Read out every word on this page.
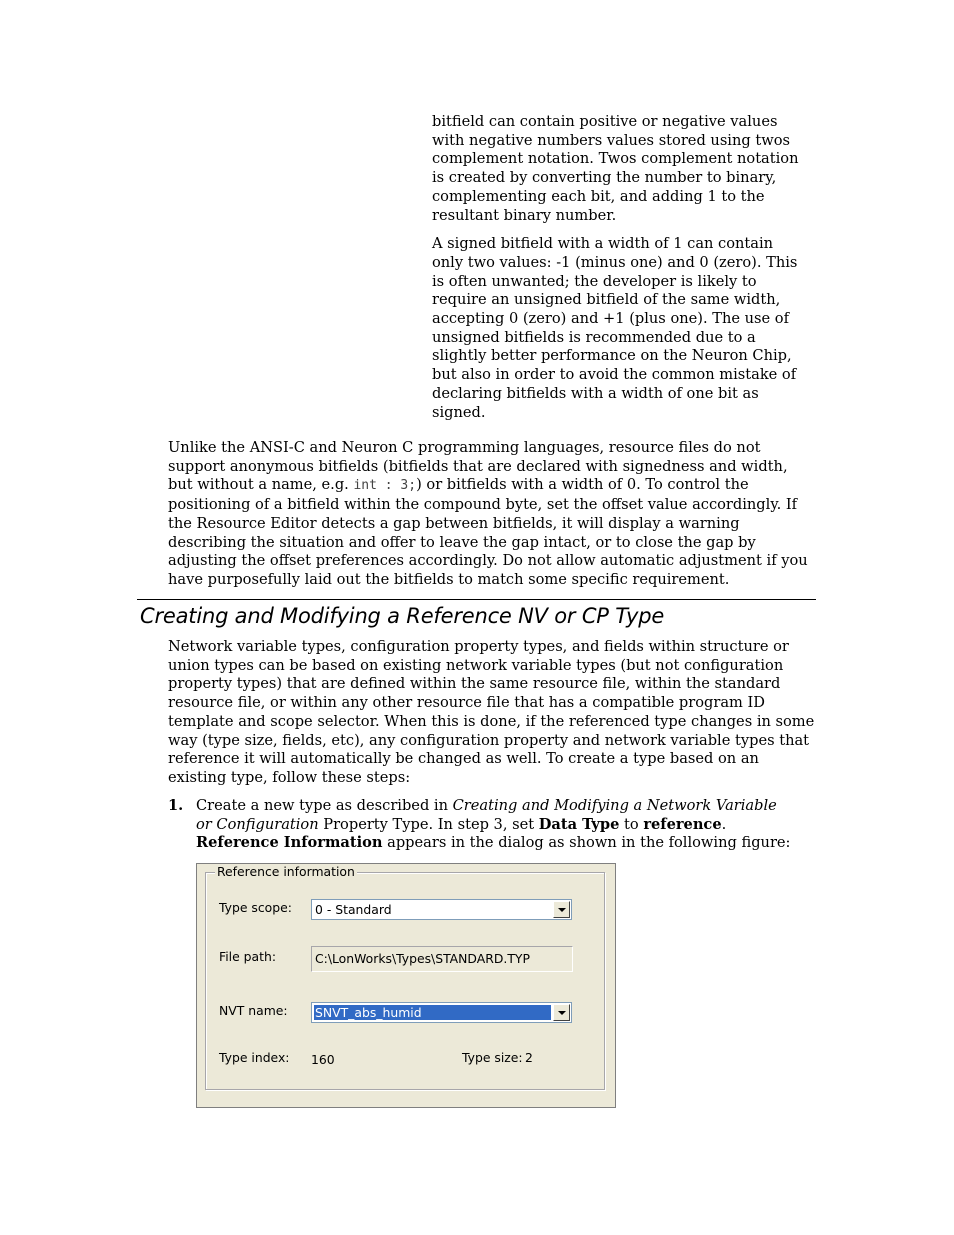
bitfield can contain positive or negative values with negative numbers values stored using twos complement notation. Twos complement notation is created by converting the number to binary, complementing each bit, and adding 1 to the resultant binary number.

A signed bitfield with a width of 1 can contain only two values: -1 (minus one) and 0 (zero). This is often unwanted; the developer is likely to require an unsigned bitfield of the same width, accepting 0 (zero) and +1 (plus one). The use of unsigned bitfields is recommended due to a slightly better performance on the Neuron Chip, but also in order to avoid the common mistake of declaring bitfields with a width of one bit as signed.

Unlike the ANSI-C and Neuron C programming languages, resource files do not support anonymous bitfields (bitfields that are declared with signedness and width, but without a name, e.g. int : 3;) or bitfields with a width of 0. To control the positioning of a bitfield within the compound byte, set the offset value accordingly. If the Resource Editor detects a gap between bitfields, it will display a warning describing the situation and offer to leave the gap intact, or to close the gap by adjusting the offset preferences accordingly. Do not allow automatic adjustment if you have purposefully laid out the bitfields to match some specific requirement.

Creating and Modifying a Reference NV or CP Type

Network variable types, configuration property types, and fields within structure or union types can be based on existing network variable types (but not configuration property types) that are defined within the same resource file, within the standard resource file, or within any other resource file that has a compatible program ID template and scope selector. When this is done, if the referenced type changes in some way (type size, fields, etc), any configuration property and network variable types that reference it will automatically be changed as well. To create a type based on an existing type, follow these steps:

1. Create a new type as described in Creating and Modifying a Network Variable or Configuration Property Type. In step 3, set Data Type to reference. Reference Information appears in the dialog as shown in the following figure:
Reference information
Type scope: 0 - Standard
File path:	C:\LonWorks\Types\STANDARD.TYP
NVT name: SNVT_abs_humid
Type index: 160	Type size: 2
